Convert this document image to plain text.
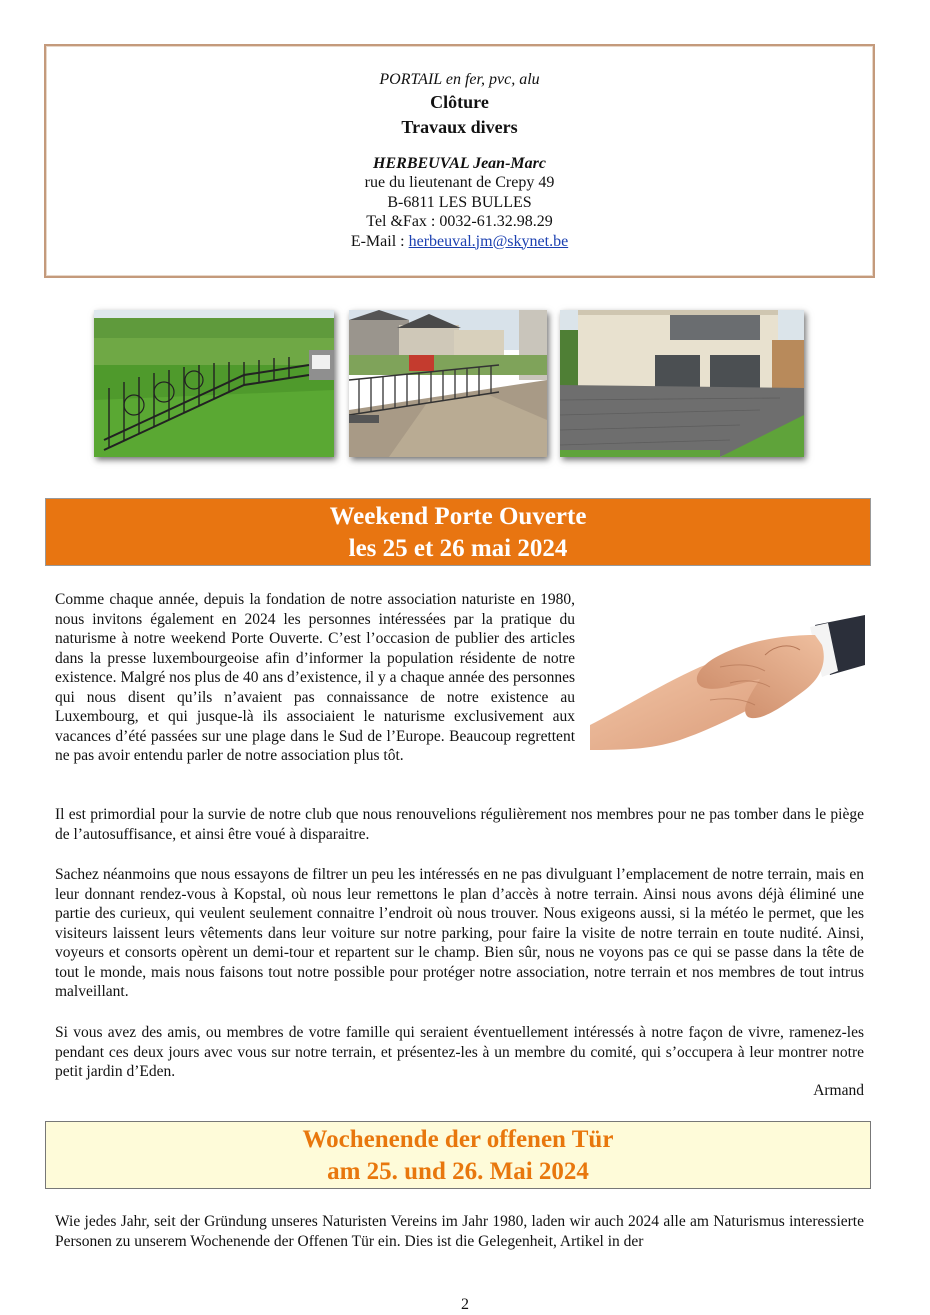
PORTAIL en fer, pvc, alu
Clôture
Travaux divers
HERBEUVAL Jean-Marc
rue du lieutenant de Crepy 49
B-6811 LES BULLES
Tel &Fax : 0032-61.32.98.29
E-Mail : herbeuval.jm@skynet.be
Weekend Porte Ouverte
les 25 et 26 mai 2024

Comme chaque année, depuis la fondation de notre association naturiste en 1980, nous invitons également en 2024 les personnes intéressées par la pratique du naturisme à notre weekend Porte Ouverte. C’est l’occasion de publier des articles dans la presse luxembourgeoise afin d’informer la population résidente de notre existence. Malgré nos plus de 40 ans d’existence, il y a chaque année des personnes qui nous disent qu’ils n’avaient pas connaissance de notre existence au Luxembourg, et qui jusque-là ils associaient le naturisme exclusivement aux vacances d’été passées sur une plage dans le Sud de l’Europe. Beaucoup regrettent ne pas avoir entendu parler de notre association plus tôt.

Il est primordial pour la survie de notre club que nous renouvelions régulièrement nos membres pour ne pas tomber dans le piège de l’autosuffisance, et ainsi être voué à disparaitre.

Sachez néanmoins que nous essayons de filtrer un peu les intéressés en ne pas divulguant l’emplacement de notre terrain, mais en leur donnant rendez-vous à Kopstal, où nous leur remettons le plan d’accès à notre terrain. Ainsi nous avons déjà éliminé une partie des curieux, qui veulent seulement connaitre l’endroit où nous trouver. Nous exigeons aussi, si la météo le permet, que les visiteurs laissent leurs vêtements dans leur voiture sur notre parking, pour faire la visite de notre terrain en toute nudité. Ainsi, voyeurs et consorts opèrent un demi-tour et repartent sur le champ. Bien sûr, nous ne voyons pas ce qui se passe dans la tête de tout le monde, mais nous faisons tout notre possible pour protéger notre association, notre terrain et nos membres de tout intrus malveillant.

Si vous avez des amis, ou membres de votre famille qui seraient éventuellement intéressés à notre façon de vivre, ramenez-les pendant ces deux jours avec vous sur notre terrain, et présentez-les à un membre du comité, qui s’occupera à leur montrer notre petit jardin d’Eden.

Armand
Wochenende der offenen Tür
am 25. und 26. Mai 2024

Wie jedes Jahr, seit der Gründung unseres Naturisten Vereins im Jahr 1980, laden wir auch 2024 alle am Naturismus interessierte Personen zu unserem Wochenende der Offenen Tür ein. Dies ist die Gelegenheit, Artikel in der

2
